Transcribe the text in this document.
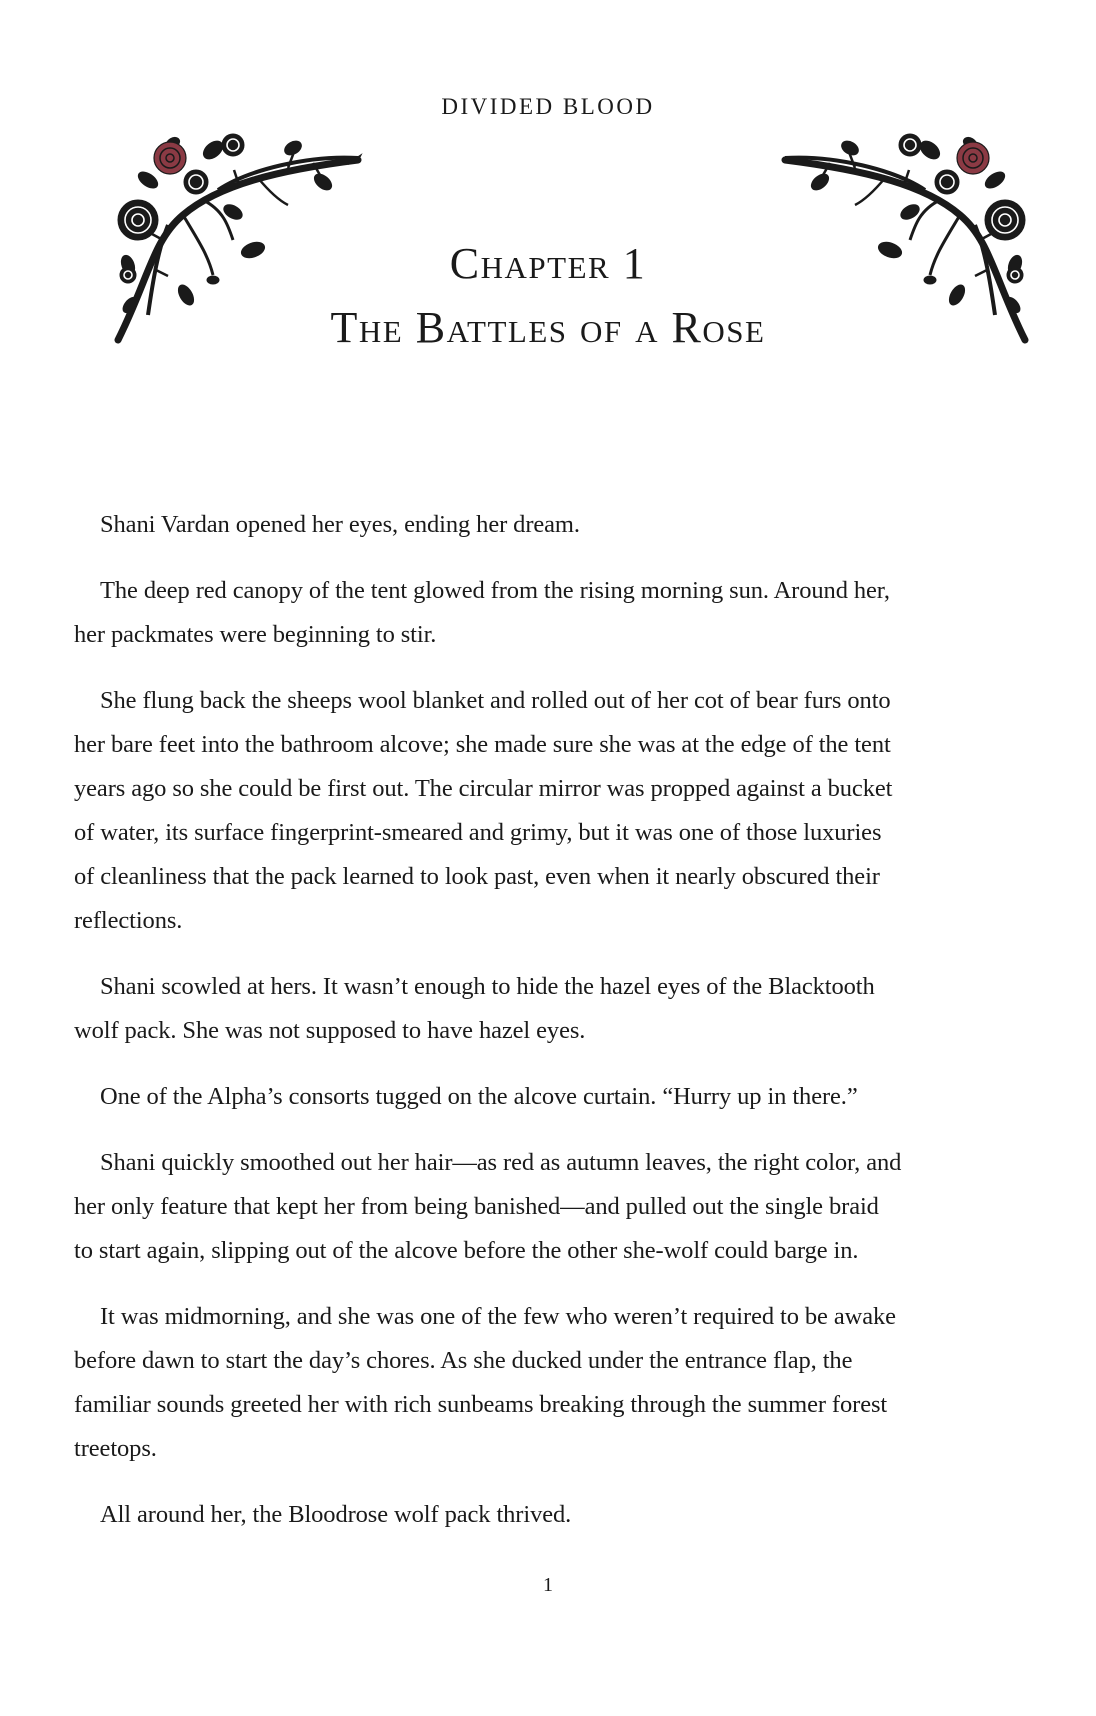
DIVIDED BLOOD
Chapter 1
The Battles of a Rose

Shani Vardan opened her eyes, ending her dream.

The deep red canopy of the tent glowed from the rising morning sun. Around her,
her packmates were beginning to stir.

She flung back the sheeps wool blanket and rolled out of her cot of bear furs onto
her bare feet into the bathroom alcove; she made sure she was at the edge of the tent
years ago so she could be first out. The circular mirror was propped against a bucket
of water, its surface fingerprint-smeared and grimy, but it was one of those luxuries
of cleanliness that the pack learned to look past, even when it nearly obscured their
reflections.

Shani scowled at hers. It wasn’t enough to hide the hazel eyes of the Blacktooth
wolf pack. She was not supposed to have hazel eyes.

One of the Alpha’s consorts tugged on the alcove curtain. “Hurry up in there.”

Shani quickly smoothed out her hair—as red as autumn leaves, the right color, and
her only feature that kept her from being banished—and pulled out the single braid
to start again, slipping out of the alcove before the other she-wolf could barge in.

It was midmorning, and she was one of the few who weren’t required to be awake
before dawn to start the day’s chores. As she ducked under the entrance flap, the
familiar sounds greeted her with rich sunbeams breaking through the summer forest
treetops.

All around her, the Bloodrose wolf pack thrived.

1
